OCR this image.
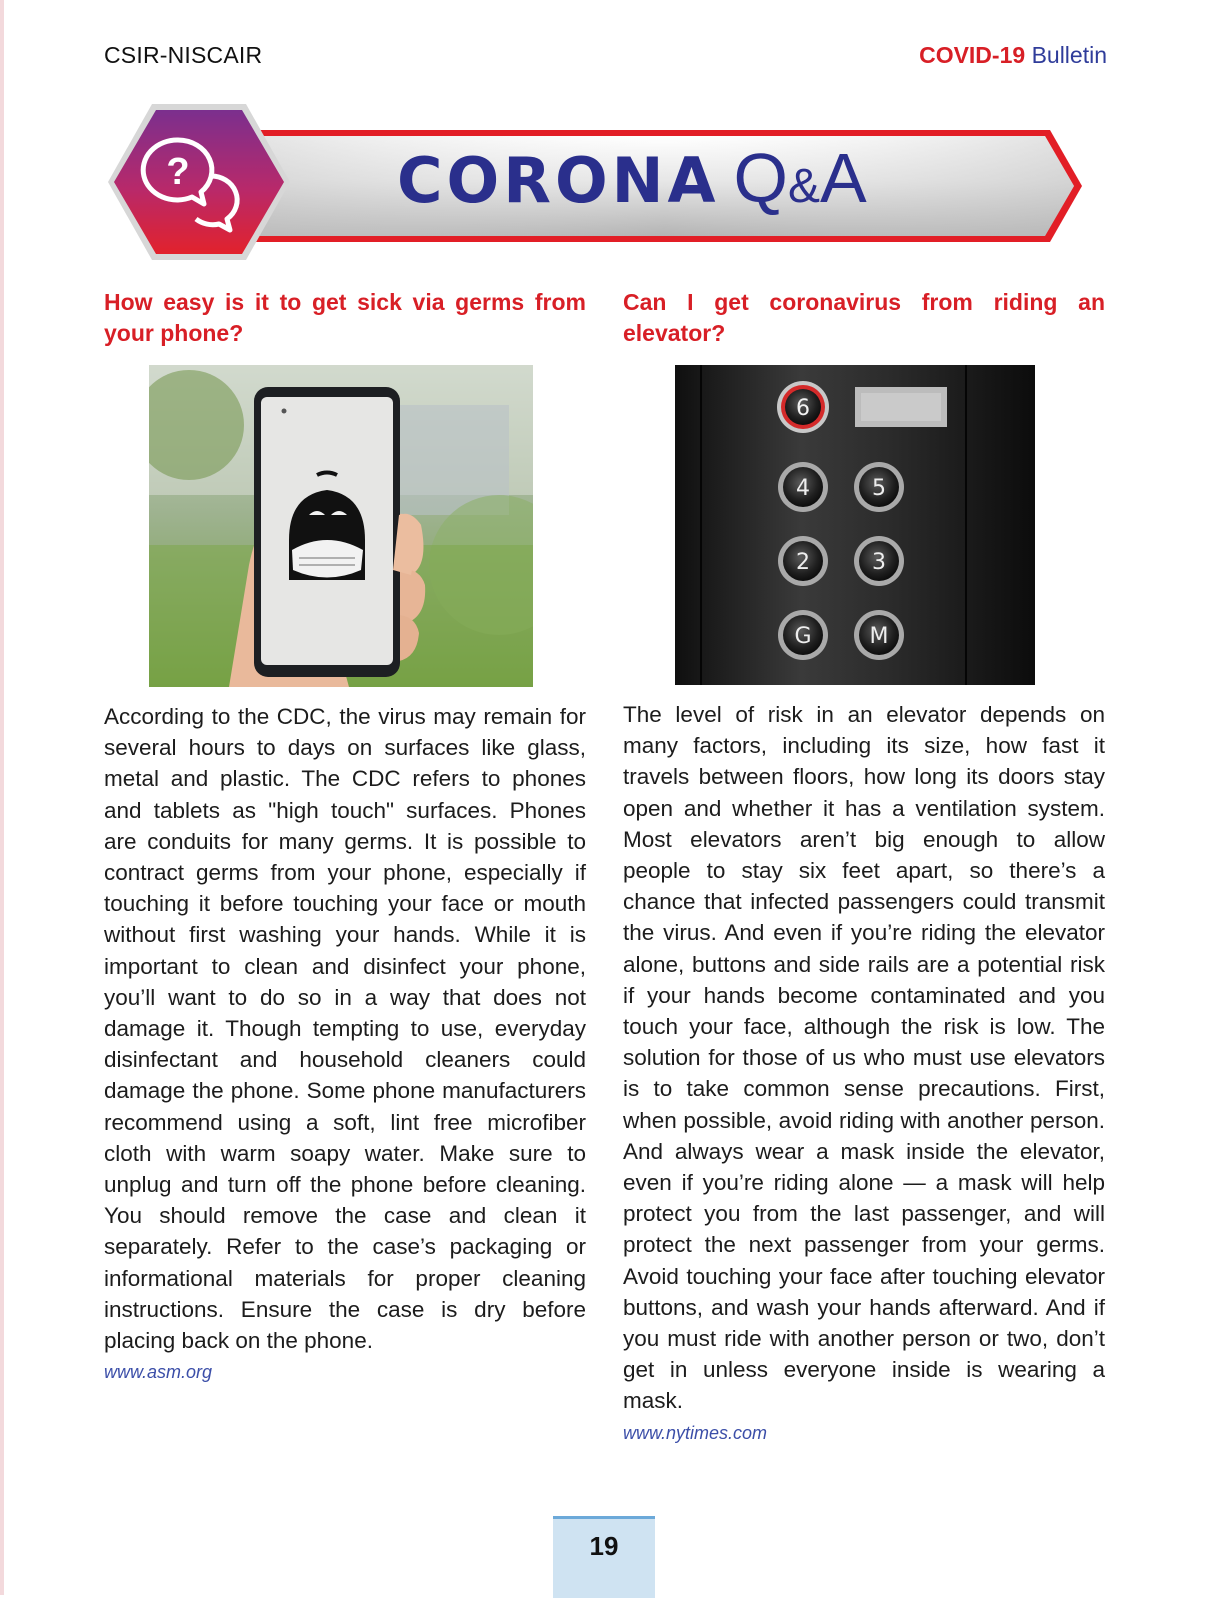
CSIR-NISCAIR	COVID-19 Bulletin
?	CORONA Q&A

How easy is it to get sick via germs from your phone?

According to the CDC, the virus may remain for several hours to days on surfaces like glass, metal and plastic. The CDC refers to phones and tablets as "high touch" surfaces. Phones are conduits for many germs. It is possible to contract germs from your phone, especially if touching it before touching your face or mouth without first washing your hands. While it is important to clean and disinfect your phone, you’ll want to do so in a way that does not damage it. Though tempting to use, everyday disinfectant and household cleaners could damage the phone. Some phone manufacturers recommend using a soft, lint free microfiber cloth with warm soapy water. Make sure to unplug and turn off the phone before cleaning. You should remove the case and clean it separately. Refer to the case’s packaging or informational materials for proper cleaning instructions. Ensure the case is dry before placing back on the phone.

www.asm.org

Can I get coronavirus from riding an elevator?

6
4	5
2	3
G	M

The level of risk in an elevator depends on many factors, including its size, how fast it travels between floors, how long its doors stay open and whether it has a ventilation system. Most elevators aren’t big enough to allow people to stay six feet apart, so there’s a chance that infected passengers could transmit the virus. And even if you’re riding the elevator alone, buttons and side rails are a potential risk if your hands become contaminated and you touch your face, although the risk is low. The solution for those of us who must use elevators is to take common sense precautions. First, when possible, avoid riding with another person. And always wear a mask inside the elevator, even if you’re riding alone — a mask will help protect you from the last passenger, and will protect the next passenger from your germs. Avoid touching your face after touching elevator buttons, and wash your hands afterward. And if you must ride with another person or two, don’t get in unless everyone inside is wearing a mask.

www.nytimes.com
19
